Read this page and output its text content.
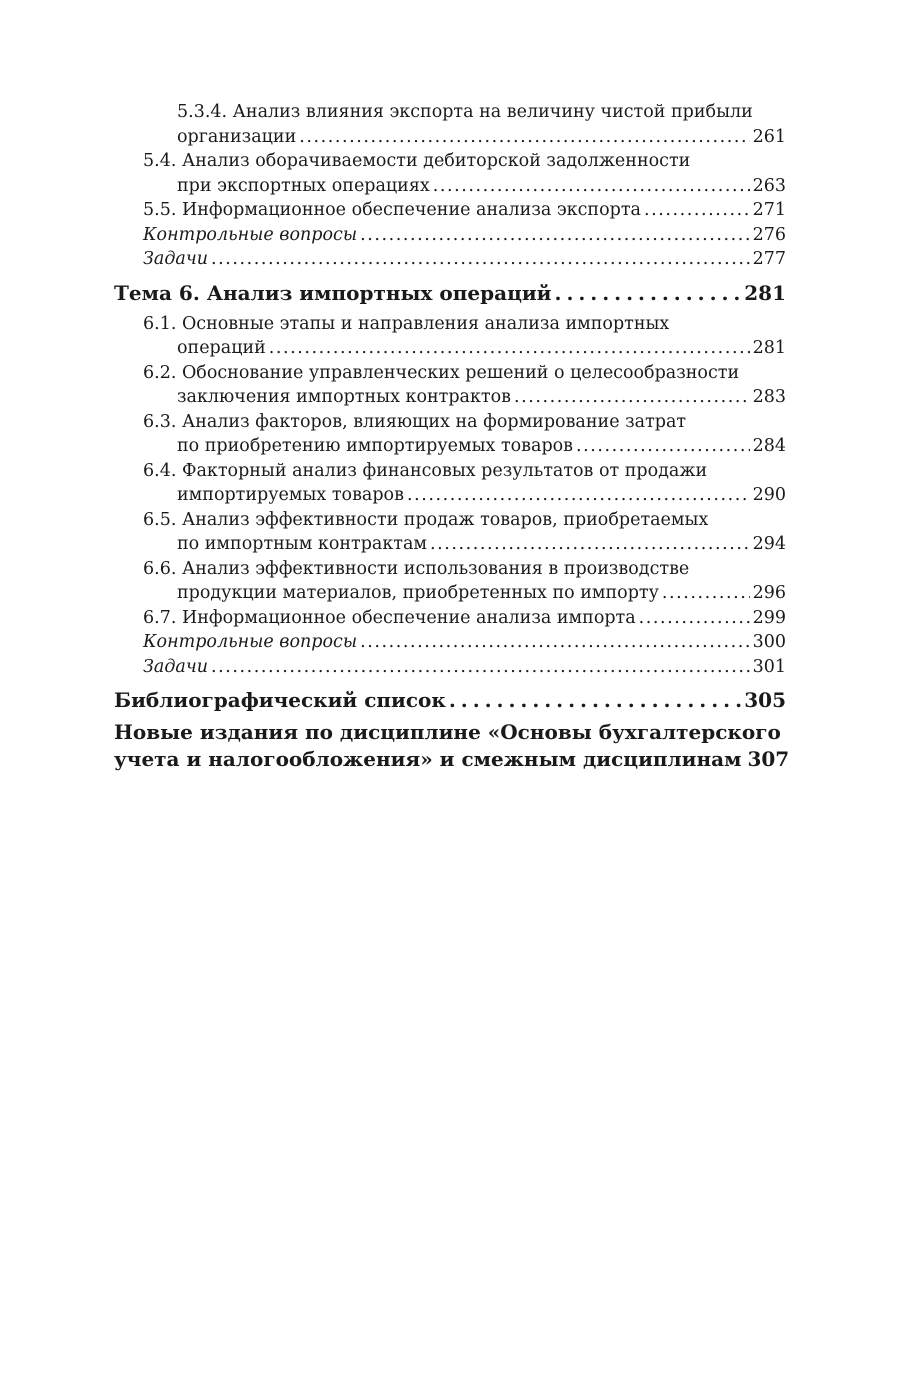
5.3.4. Анализ влияния экспорта на величину чистой прибыли
организации . . .	261
5.4. Анализ оборачиваемости дебиторской задолженности
при экспортных операциях . . .	263
5.5. Информационное обеспечение анализа экспорта . . .	271
Контрольные вопросы . . .	276
Задачи . . .	277
Тема 6. Анализ импортных операций . . .	281
6.1. Основные этапы и направления анализа импортных
операций . . .	281
6.2. Обоснование управленческих решений о целесообразности
заключения импортных контрактов . . .	283
6.3. Анализ факторов, влияющих на формирование затрат
по приобретению импортируемых товаров . . .	284
6.4. Факторный анализ финансовых результатов от продажи
импортируемых товаров . . .	290
6.5. Анализ эффективности продаж товаров, приобретаемых
по импортным контрактам . . .	294
6.6. Анализ эффективности использования в производстве
продукции материалов, приобретенных по импорту . . .	296
6.7. Информационное обеспечение анализа импорта . . .	299
Контрольные вопросы . . .	300
Задачи . . .	301
Библиографический список . . .	305
Новые издания по дисциплине «Основы бухгалтерского
учета и налогообложения» и смежным дисциплинам 307
